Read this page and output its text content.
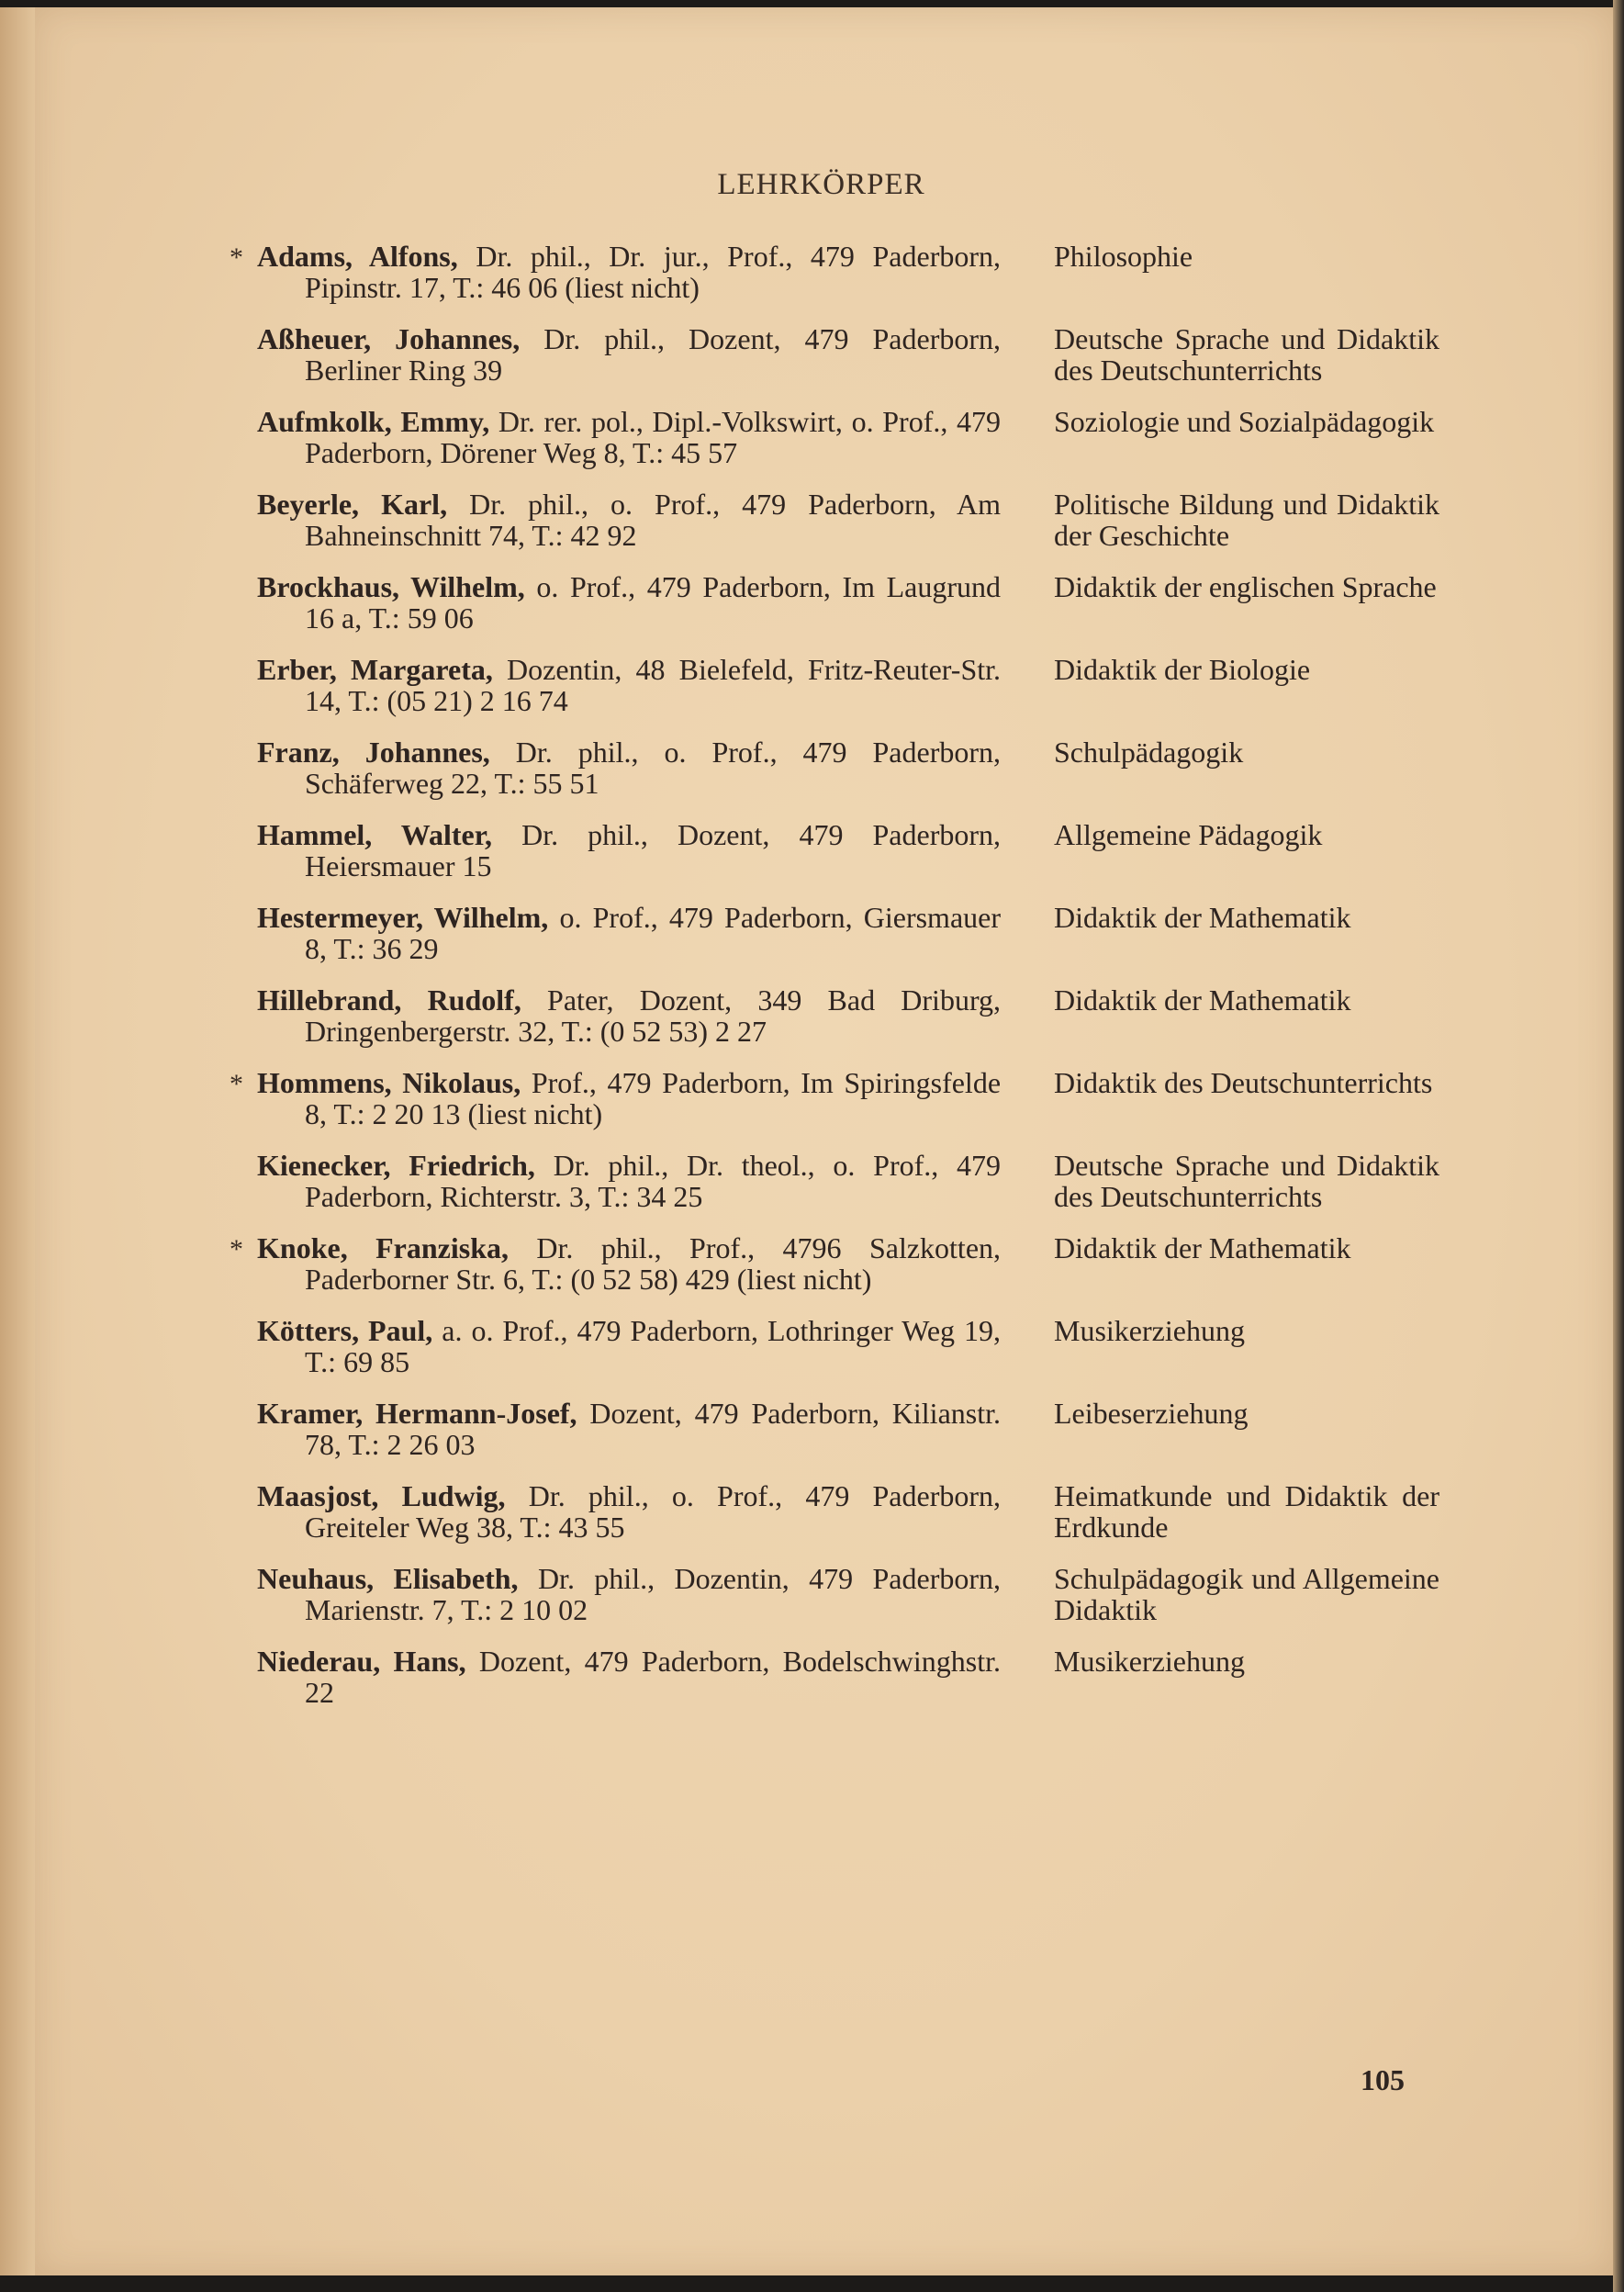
LEHRKÖRPER
* Adams, Alfons, Dr. phil., Dr. jur., Prof., 479 Paderborn, Pipinstr. 17, T.: 46 06 (liest nicht)
Philosophie
Aßheuer, Johannes, Dr. phil., Dozent, 479 Paderborn, Berliner Ring 39
Deutsche Sprache und Didaktik des Deutschunterrichts
Aufmkolk, Emmy, Dr. rer. pol., Dipl.-Volkswirt, o. Prof., 479 Paderborn, Dörener Weg 8, T.: 45 57
Soziologie und Sozialpädagogik
Beyerle, Karl, Dr. phil., o. Prof., 479 Paderborn, Am Bahneinschnitt 74, T.: 42 92
Politische Bildung und Didaktik der Geschichte
Brockhaus, Wilhelm, o. Prof., 479 Paderborn, Im Laugrund 16 a, T.: 59 06
Didaktik der englischen Sprache
Erber, Margareta, Dozentin, 48 Bielefeld, Fritz-Reuter-Str. 14, T.: (05 21) 2 16 74
Didaktik der Biologie
Franz, Johannes, Dr. phil., o. Prof., 479 Paderborn, Schäferweg 22, T.: 55 51
Schulpädagogik
Hammel, Walter, Dr. phil., Dozent, 479 Paderborn, Heiersmauer 15
Allgemeine Pädagogik
Hestermeyer, Wilhelm, o. Prof., 479 Paderborn, Giersmauer 8, T.: 36 29
Didaktik der Mathematik
Hillebrand, Rudolf, Pater, Dozent, 349 Bad Driburg, Dringenbergerstr. 32, T.: (0 52 53) 2 27
Didaktik der Mathematik
* Hommens, Nikolaus, Prof., 479 Paderborn, Im Spiringsfelde 8, T.: 2 20 13 (liest nicht)
Didaktik des Deutschunterrichts
Kienecker, Friedrich, Dr. phil., Dr. theol., o. Prof., 479 Paderborn, Richterstr. 3, T.: 34 25
Deutsche Sprache und Didaktik des Deutschunterrichts
* Knoke, Franziska, Dr. phil., Prof., 4796 Salzkotten, Paderborner Str. 6, T.: (0 52 58) 429 (liest nicht)
Didaktik der Mathematik
Kötters, Paul, a. o. Prof., 479 Paderborn, Lothringer Weg 19, T.: 69 85
Musikerziehung
Kramer, Hermann-Josef, Dozent, 479 Paderborn, Kilianstr. 78, T.: 2 26 03
Leibeserziehung
Maasjost, Ludwig, Dr. phil., o. Prof., 479 Paderborn, Greiteler Weg 38, T.: 43 55
Heimatkunde und Didaktik der Erdkunde
Neuhaus, Elisabeth, Dr. phil., Dozentin, 479 Paderborn, Marienstr. 7, T.: 2 10 02
Schulpädagogik und Allgemeine Didaktik
Niederau, Hans, Dozent, 479 Paderborn, Bodelschwinghstr. 22
Musikerziehung
105
